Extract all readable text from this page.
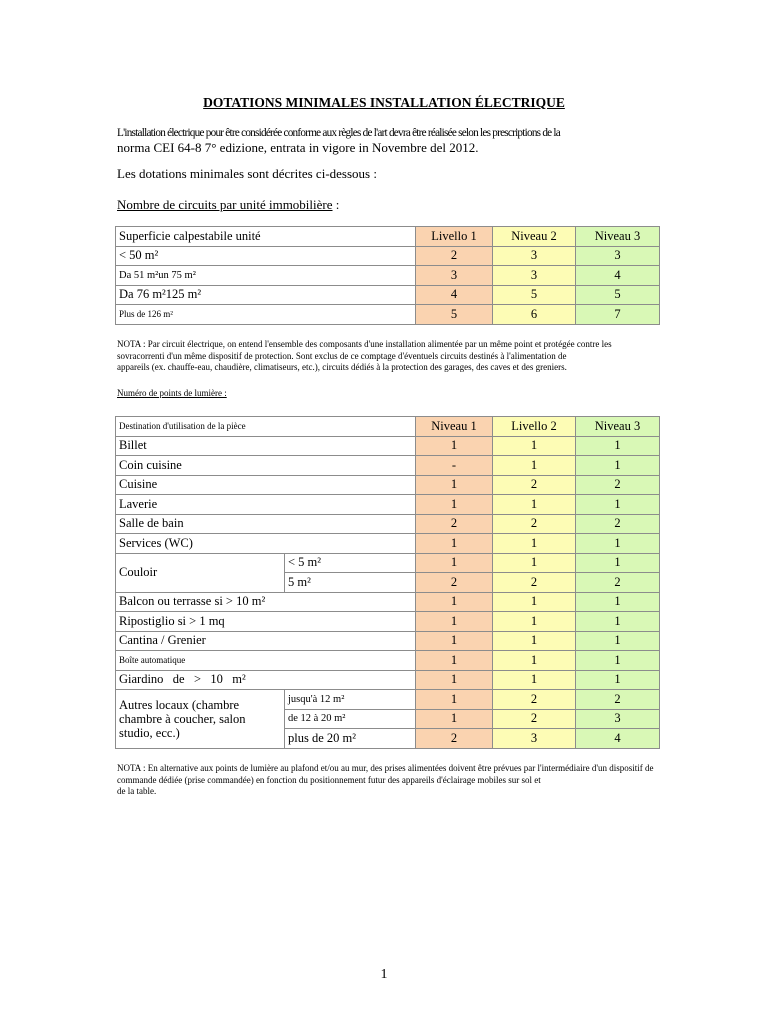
DOTATIONS MINIMALES INSTALLATION ÉLECTRIQUE
L'installation électrique pour être considérée conforme aux règles de l'art devra être réalisée selon les prescriptions de la
norma CEI 64-8 7° edizione, entrata in vigore in Novembre del 2012.
Les dotations minimales sont décrites ci-dessous :
Nombre de circuits par unité immobilière :
Superficie calpestabile unité	Livello 1	Niveau 2	Niveau 3
< 50 m²	2	3	3
Da 51 m²un 75 m²	3	3	4
Da 76 m²125 m²	4	5	5
Plus de 126 m²	5	6	7
NOTA : Par circuit électrique, on entend l'ensemble des composants d'une installation alimentée par un même point et protégée contre les
sovracorrenti d'un même dispositif de protection. Sont exclus de ce comptage d'éventuels circuits destinés à l'alimentation de
appareils (ex. chauffe-eau, chaudière, climatiseurs, etc.), circuits dédiés à la protection des garages, des caves et des greniers.
Numéro de points de lumière :
Destination d'utilisation de la pièce		Niveau 1	Livello 2	Niveau 3
Billet		1	1	1
Coin cuisine		-	1	1
Cuisine		1	2	2
Laverie		1	1	1
Salle de bain		2	2	2
Services (WC)		1	1	1
Couloir	< 5 m²	1	1	1
	5 m²	2	2	2
Balcon ou terrasse si > 10 m²		1	1	1
Ripostiglio si > 1 mq		1	1	1
Cantina / Grenier		1	1	1
Boîte automatique		1	1	1
Giardino   de   >   10   m²		1	1	1
Autres locaux (chambre chambre à coucher, salon studio, ecc.)	jusqu'à 12 m²	1	2	2
	de 12 à 20 m²	1	2	3
	plus de 20 m²	2	3	4
NOTA : En alternative aux points de lumière au plafond et/ou au mur, des prises alimentées doivent être prévues par l'intermédiaire d'un dispositif de
commande dédiée (prise commandée) en fonction du positionnement futur des appareils d'éclairage mobiles sur sol et
de la table.
1
